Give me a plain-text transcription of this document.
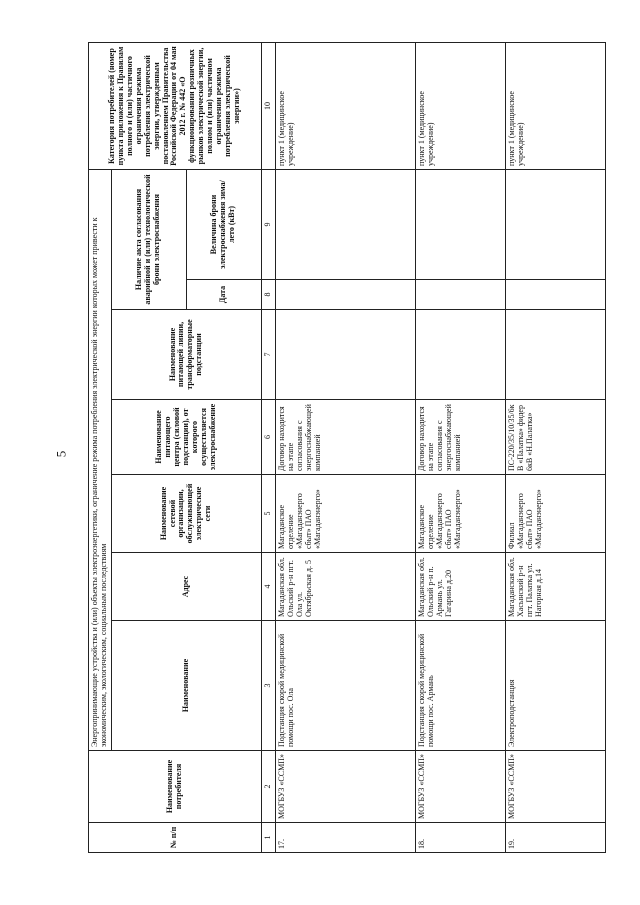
5
№ п/п	Наименование потребителя	Энергопринимающие устройства и (или) объекты электроэнергетики, ограничение режима потребления электрической энергии которых может привести к экономическим, экологическим, социальным последствиям							Категория потребителей (номер пункта приложения к Правилам полного и (или) частичного ограничения режима потребления электрической энергии, утвержденным постановлением Правительства Российской Федерации от 04 мая 2012 г. № 442 «О функционировании розничных рынков электрической энергии, полном и (или) частичном ограничении режима потребления электрической энергии»)
		Наименование	Адрес	Наименование сетевой организации, обслуживающей электрические сети	Наименование питающего центра (силовой подстанции), от которого осуществляется электроснабжение	Наименование питающей линии, трансформаторные подстанции	Наличие акта согласования аварийной и (или) технологической брони электроснабжения		
							Дата	Величина брони электроснабжения зима/лето (кВт)	
1	2	3	4	5	6	7	8	9	10
17.	МОГБУЗ «ССМП»	Подстанция скорой медицинской помощи пос. Ола	Магаданская обл. Ольский р-н пгт. Ола ул. Октябрьская д. 5	Магаданское отделение «Магаданэнерго сбыт» ПАО «Магаданэнерго»	Договор находится на этапе согласования с энергоснабжающей компанией				пункт 1 (медицинское учреждение)
18.	МОГБУЗ «ССМП»	Подстанция скорой медицинской помощи пос. Армань	Магаданская обл. Ольский р-н п. Армань ул. Гагарина д.20	Магаданское отделение «Магаданэнерго сбыт» ПАО «Магаданэнерго»	Договор находится на этапе согласования с энергоснабжающей компанией				пункт 1 (медицинское учреждение)
19.	МОГБУЗ «ССМП»	Электроподстанция	Магаданская обл. Хасынский р-н пгт. Палатка ул. Нагорная д.14	Филиал «Магаданэнерго сбыт» ПАО «Магаданэнерго»	ПС-220/35/10/35/6кВ «Палатка» фидер 6кВ «Н.Палатка»				пункт 1 (медицинское учреждение)
